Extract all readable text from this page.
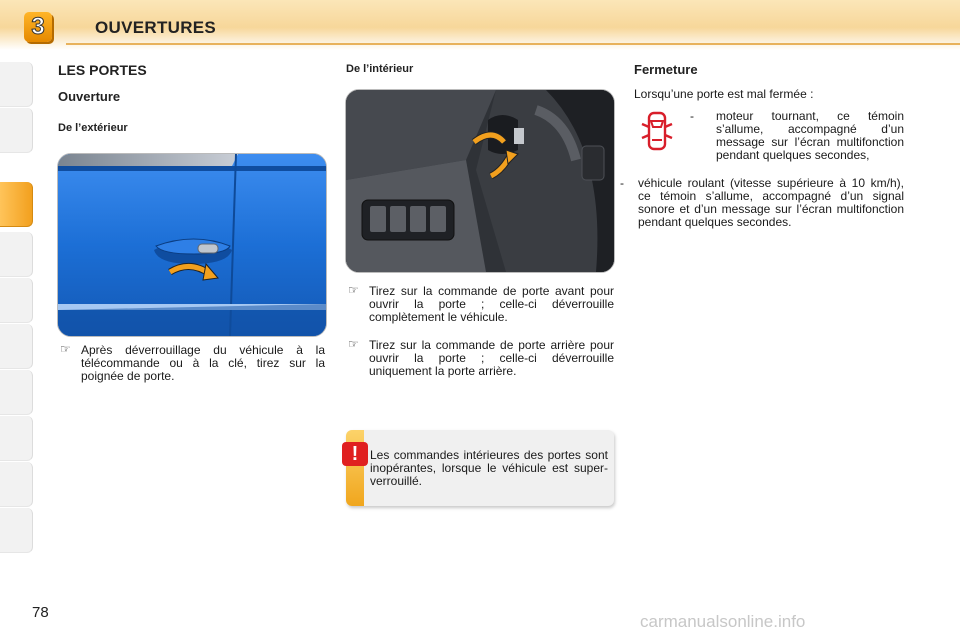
3	OUVERTURES
LES PORTES
Ouverture
De l’extérieur
☞ Après déverrouillage du véhicule à la télécommande ou à la clé, tirez sur la poignée de porte.
De l’intérieur
☞ Tirez sur la commande de porte avant pour ouvrir la porte ; celle-ci déverrouille complètement le véhicule.
☞ Tirez sur la commande de porte arrière pour ouvrir la porte ; celle-ci déverrouille uniquement la porte arrière.
! Les commandes intérieures des portes sont inopérantes, lorsque le véhicule est super-verrouillé.
Fermeture
Lorsqu’une porte est mal fermée :
- moteur tournant, ce témoin s’allume, accompagné d’un message sur l’écran multifonction pendant quelques secondes,
- véhicule roulant (vitesse supérieure à 10 km/h), ce témoin s’allume, accompagné d’un signal sonore et d’un message sur l’écran multifonction pendant quelques secondes.
78	carmanualsonline.info
